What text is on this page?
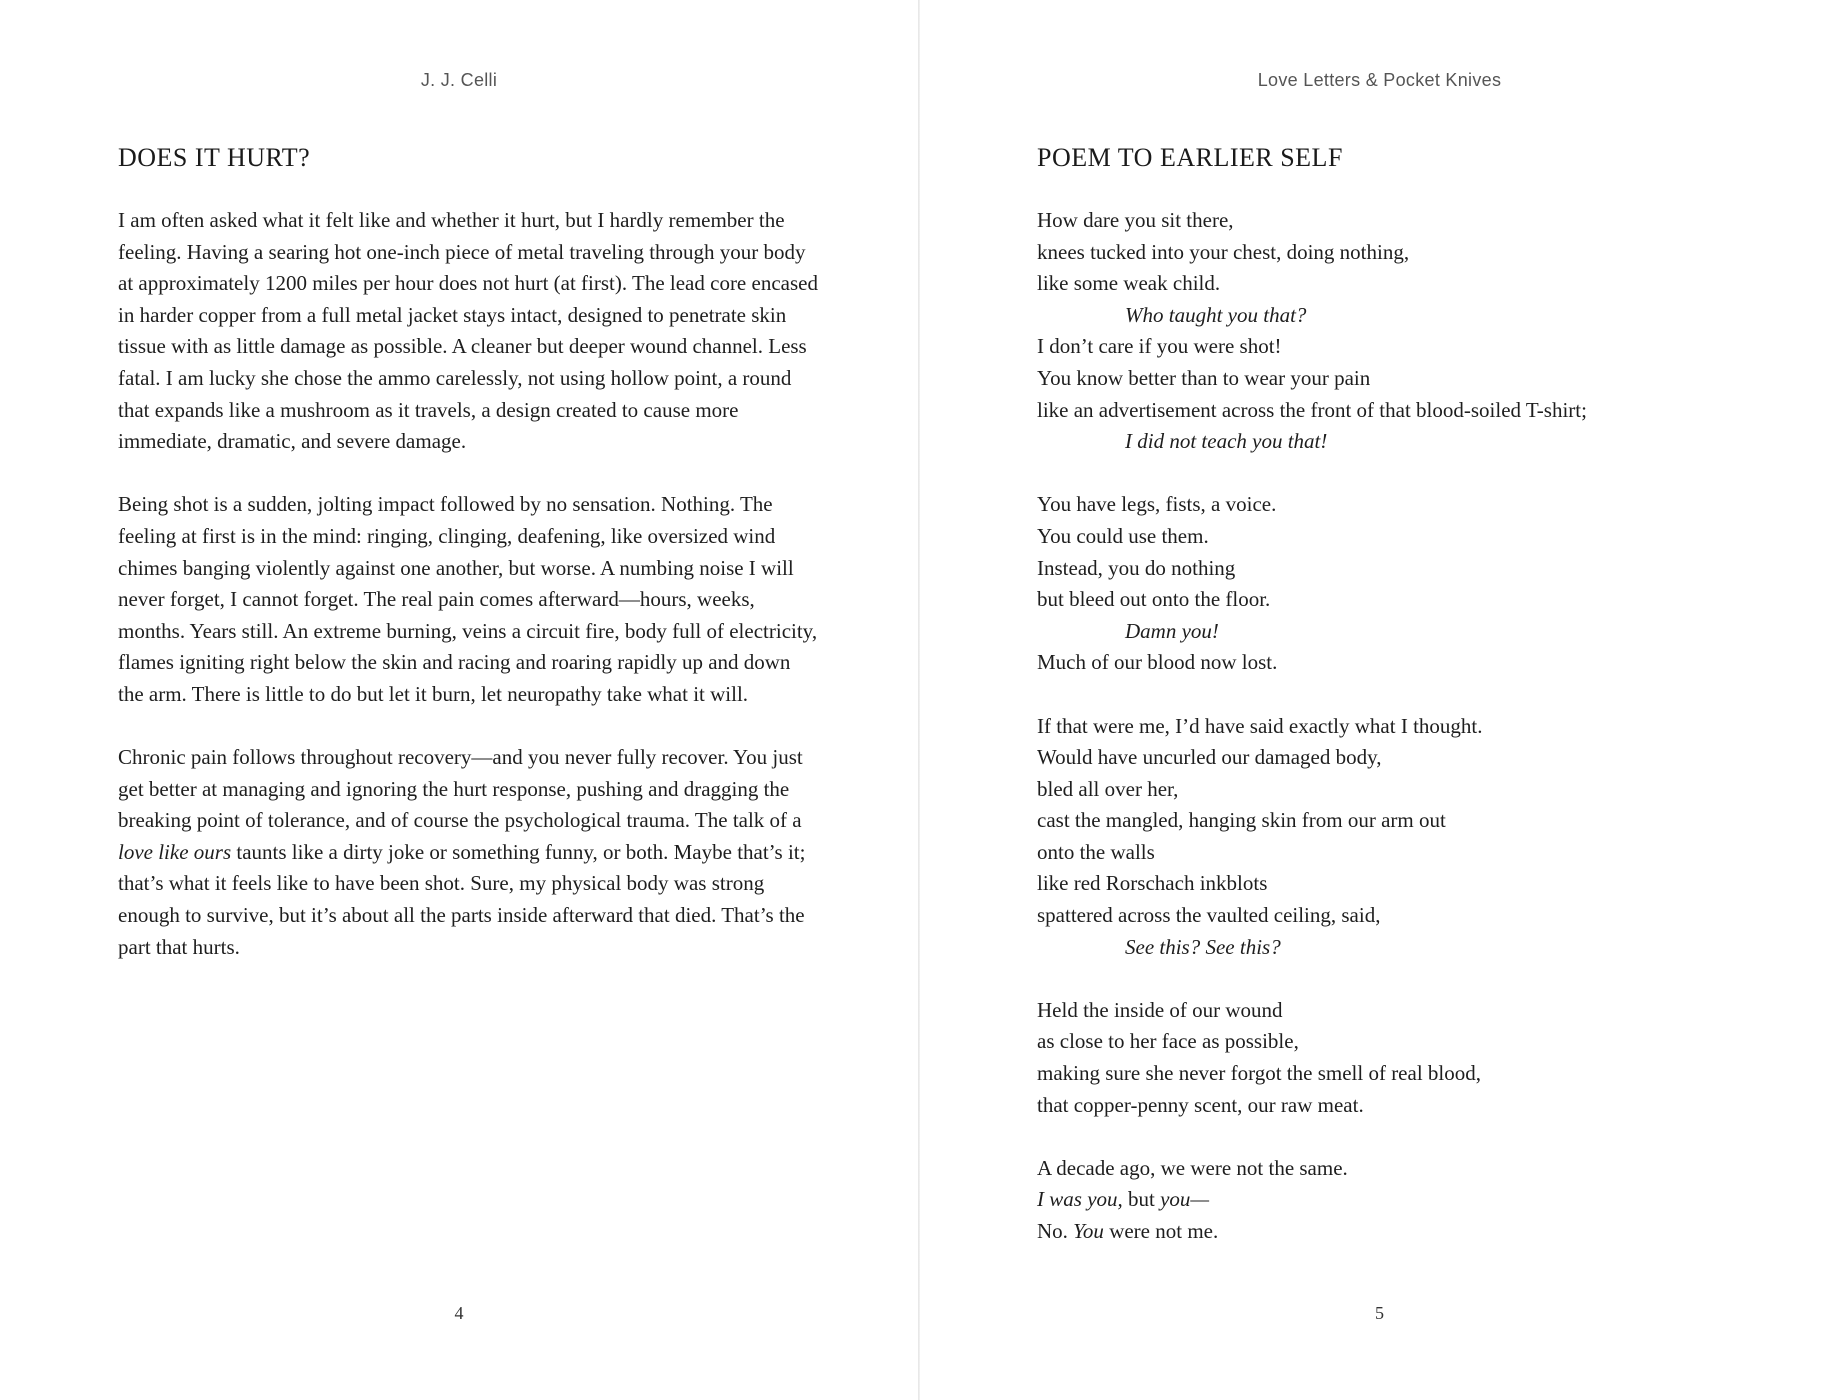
J. J. Celli
DOES IT HURT?

I am often asked what it felt like and whether it hurt, but I hardly remember the feeling. Having a searing hot one-inch piece of metal traveling through your body at approximately 1200 miles per hour does not hurt (at first). The lead core encased in harder copper from a full metal jacket stays intact, designed to penetrate skin tissue with as little damage as possible. A cleaner but deeper wound channel. Less fatal. I am lucky she chose the ammo carelessly, not using hollow point, a round that expands like a mushroom as it travels, a design created to cause more immediate, dramatic, and severe damage.

Being shot is a sudden, jolting impact followed by no sensation. Nothing. The feeling at first is in the mind: ringing, clinging, deafening, like oversized wind chimes banging violently against one another, but worse. A numbing noise I will never forget, I cannot forget. The real pain comes afterward—hours, weeks, months. Years still. An extreme burning, veins a circuit fire, body full of electricity, flames igniting right below the skin and racing and roaring rapidly up and down the arm. There is little to do but let it burn, let neuropathy take what it will.

Chronic pain follows throughout recovery—and you never fully recover. You just get better at managing and ignoring the hurt response, pushing and dragging the breaking point of tolerance, and of course the psychological trauma. The talk of a love like ours taunts like a dirty joke or something funny, or both. Maybe that’s it; that’s what it feels like to have been shot. Sure, my physical body was strong enough to survive, but it’s about all the parts inside afterward that died. That’s the part that hurts.

4
Love Letters & Pocket Knives
POEM TO EARLIER SELF
How dare you sit there,
knees tucked into your chest, doing nothing,
like some weak child.
Who taught you that?
I don’t care if you were shot!
You know better than to wear your pain
like an advertisement across the front of that blood-soiled T-shirt;
I did not teach you that!
You have legs, fists, a voice.
You could use them.
Instead, you do nothing
but bleed out onto the floor.
Damn you!
Much of our blood now lost.
If that were me, I’d have said exactly what I thought.
Would have uncurled our damaged body,
bled all over her,
cast the mangled, hanging skin from our arm out
onto the walls
like red Rorschach inkblots
spattered across the vaulted ceiling, said,
See this? See this?
Held the inside of our wound
as close to her face as possible,
making sure she never forgot the smell of real blood,
that copper-penny scent, our raw meat.
A decade ago, we were not the same.
I was you, but you—
No. You were not me.
5
